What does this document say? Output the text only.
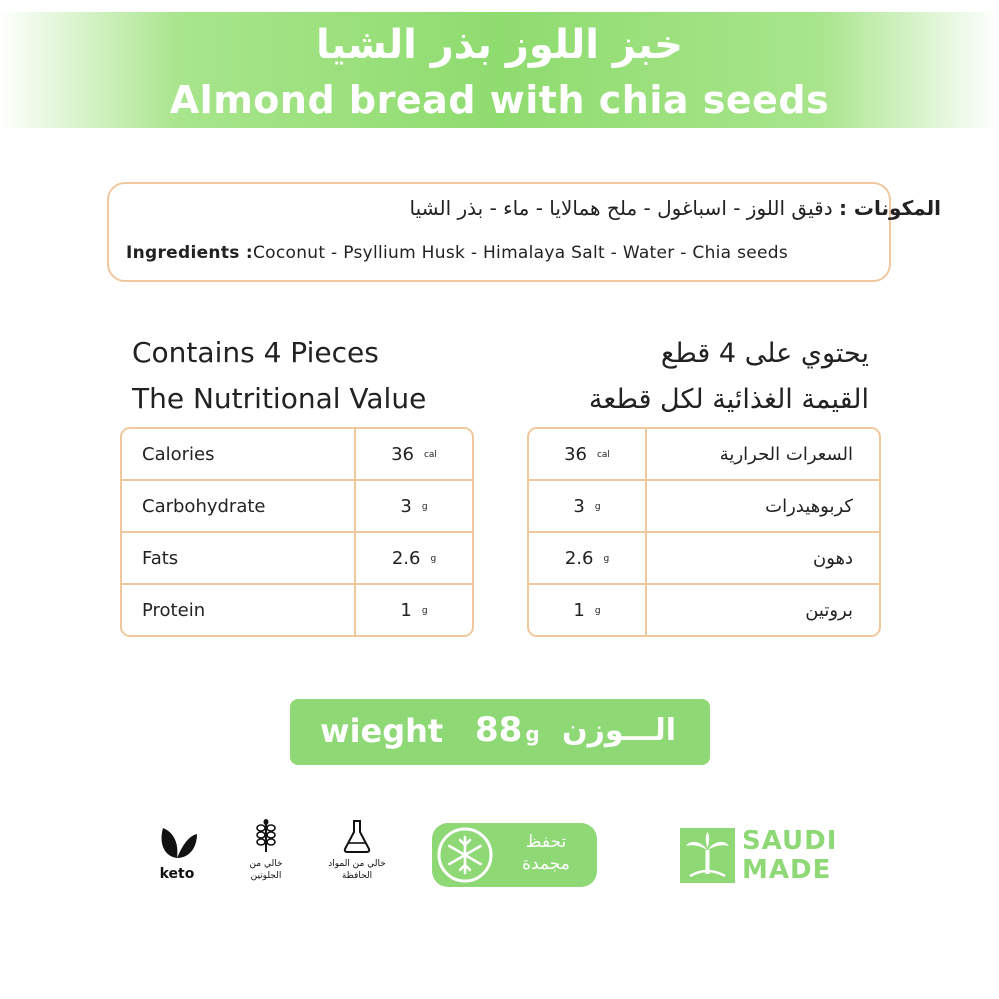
خبز اللوز بذر الشيا
Almond bread with chia seeds
المكونات : دقيق اللوز - اسباغول - ملح همالايا - ماء - بذر الشيا
Ingredients :Coconut - Psyllium Husk - Himalaya Salt - Water - Chia seeds
Contains 4 Pieces
The Nutritional Value
يحتوي على 4 قطع
القيمة الغذائية لكل قطعة
Calories	36 cal
Carbohydrate	3 g
Fats	2.6 g
Protein	1 g
36 cal	السعرات الحرارية
3 g	كربوهيدرات
2.6 g	دهون
1 g	بروتين
wieght 88 g الـــوزن
keto
خالي من الجلوتين
خالي من المواد الحافظة
تحفظ مجمدة
SAUDI
MADE
